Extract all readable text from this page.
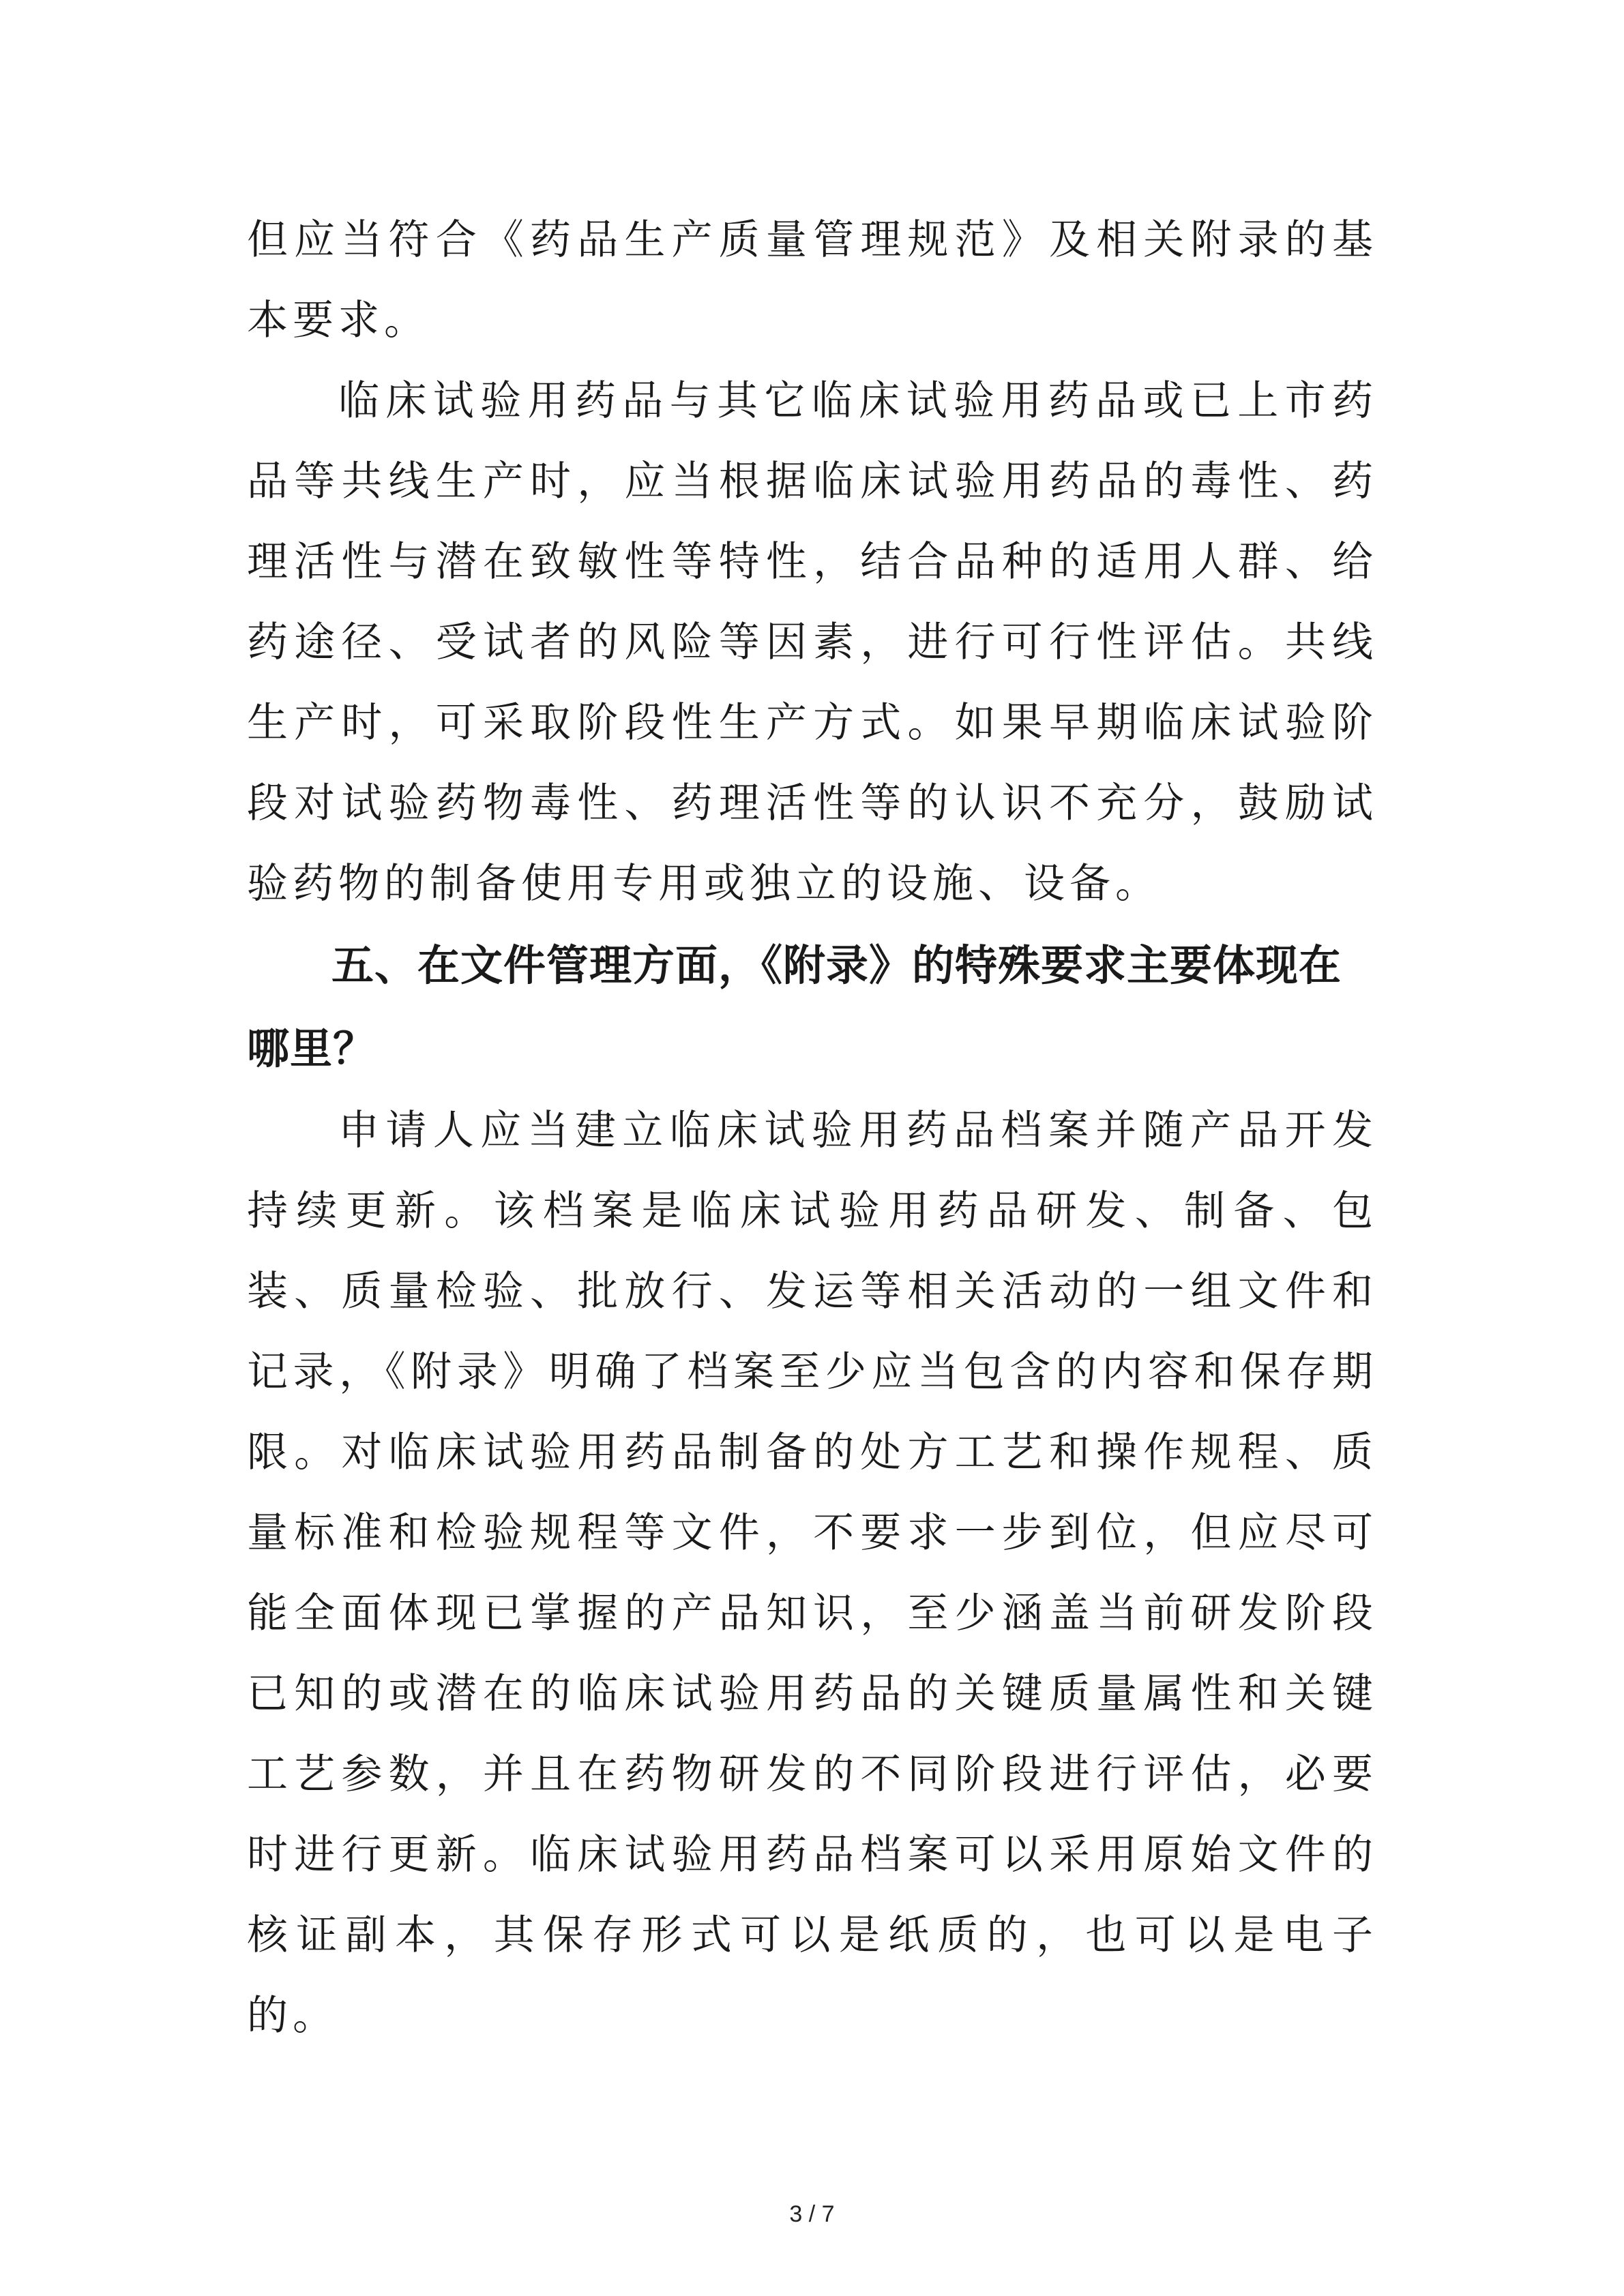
但应当符合《药品生产质量管理规范》及相关附录的基本要求。

临床试验用药品与其它临床试验用药品或已上市药品等共线生产时，应当根据临床试验用药品的毒性、药理活性与潜在致敏性等特性，结合品种的适用人群、给药途径、受试者的风险等因素，进行可行性评估。共线生产时，可采取阶段性生产方式。如果早期临床试验阶段对试验药物毒性、药理活性等的认识不充分，鼓励试验药物的制备使用专用或独立的设施、设备。

五、在文件管理方面，《附录》的特殊要求主要体现在哪里？

申请人应当建立临床试验用药品档案并随产品开发持续更新。该档案是临床试验用药品研发、制备、包装、质量检验、批放行、发运等相关活动的一组文件和记录，《附录》明确了档案至少应当包含的内容和保存期限。对临床试验用药品制备的处方工艺和操作规程、质量标准和检验规程等文件，不要求一步到位，但应尽可能全面体现已掌握的产品知识，至少涵盖当前研发阶段已知的或潜在的临床试验用药品的关键质量属性和关键工艺参数，并且在药物研发的不同阶段进行评估，必要时进行更新。临床试验用药品档案可以采用原始文件的核证副本，其保存形式可以是纸质的，也可以是电子的。

3 / 7
